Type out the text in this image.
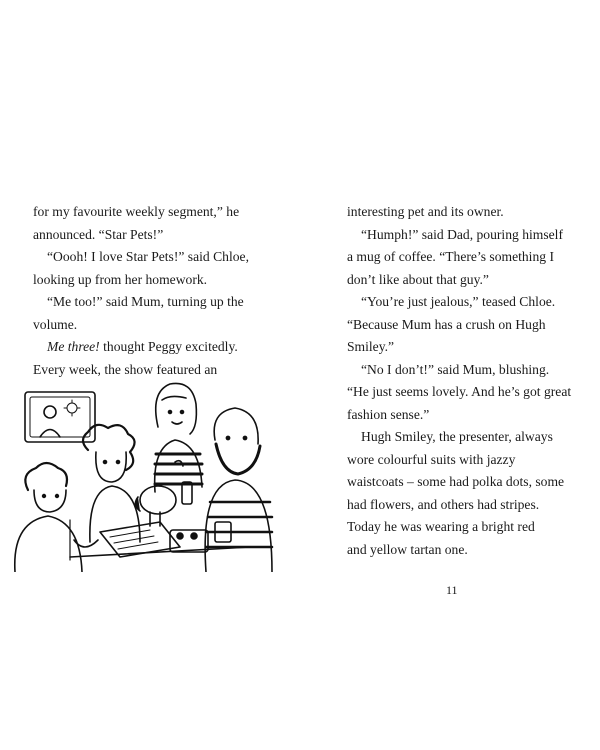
for my favourite weekly segment,” he

announced. “Star Pets!”

“Oooh! I love Star Pets!” said Chloe,

looking up from her homework.

“Me too!” said Mum, turning up the

volume.

Me three! thought Peggy excitedly.

Every week, the show featured an

interesting pet and its owner.

“Humph!” said Dad, pouring himself

a mug of coffee. “There’s something I

don’t like about that guy.”

“You’re just jealous,” teased Chloe.

“Because Mum has a crush on Hugh

Smiley.”

“No I don’t!” said Mum, blushing.

“He just seems lovely. And he’s got great

fashion sense.”

Hugh Smiley, the presenter, always

wore colourful suits with jazzy

waistcoats – some had polka dots, some

had flowers, and others had stripes.

Today he was wearing a bright red

and yellow tartan one.

11
